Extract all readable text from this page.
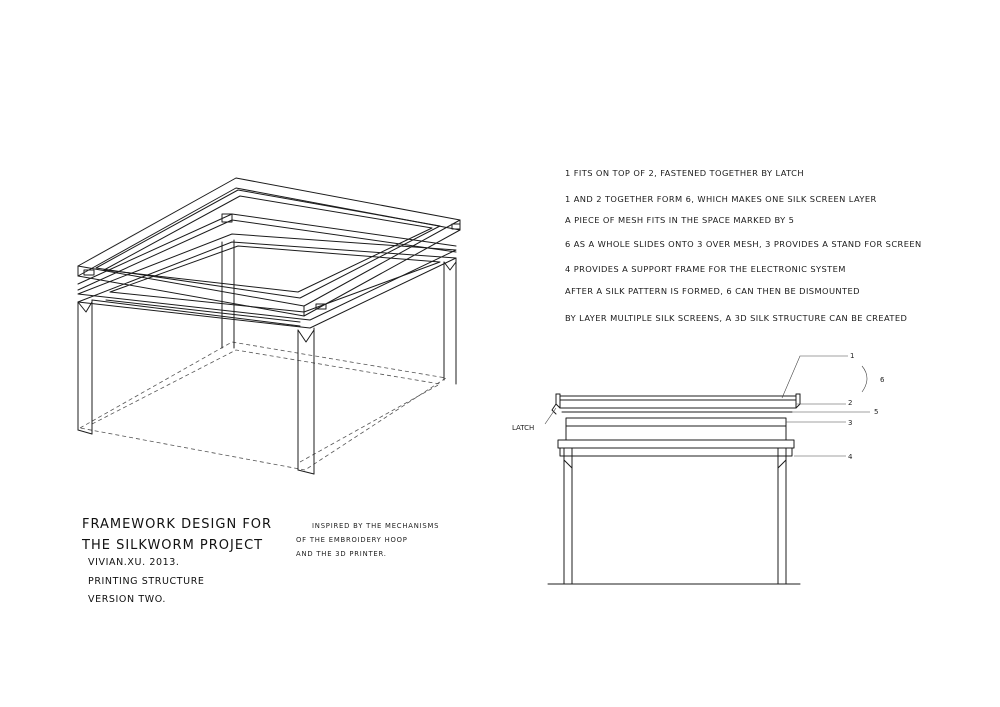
1
2
5
3
4
6
LATCH
1 FITS ON TOP OF 2, FASTENED TOGETHER BY LATCH
1 AND 2 TOGETHER FORM 6, WHICH MAKES ONE SILK SCREEN LAYER
A PIECE OF MESH FITS IN THE SPACE MARKED BY 5
6 AS A WHOLE SLIDES ONTO 3 OVER MESH, 3 PROVIDES A STAND FOR SCREEN
4 PROVIDES A SUPPORT FRAME FOR THE ELECTRONIC SYSTEM
AFTER A SILK PATTERN IS FORMED, 6 CAN THEN BE DISMOUNTED
BY LAYER MULTIPLE SILK SCREENS, A 3D SILK STRUCTURE CAN BE CREATED
FRAMEWORK DESIGN FOR
THE SILKWORM PROJECT
VIVIAN.XU. 2013.
PRINTING STRUCTURE
VERSION TWO.
INSPIRED BY THE MECHANISMS
OF THE EMBROIDERY HOOP
AND THE 3D PRINTER.
